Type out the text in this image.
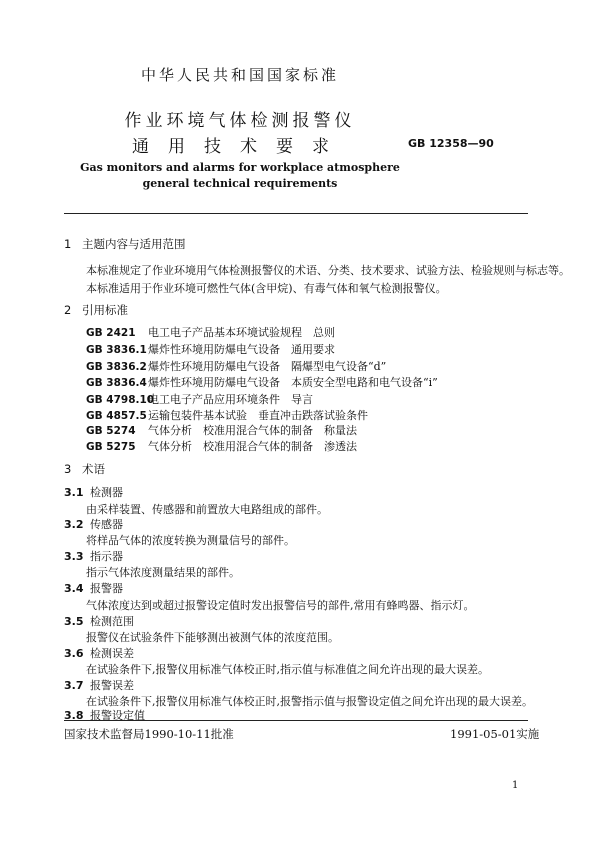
中华人民共和国国家标准
作业环境气体检测报警仪
通用技术要求	GB 12358—90
Gas monitors and alarms for workplace atmosphere
general technical requirements
1 主题内容与适用范围
本标准规定了作业环境用气体检测报警仪的术语、分类、技术要求、试验方法、检验规则与标志等。
本标准适用于作业环境可燃性气体(含甲烷)、有毒气体和氧气检测报警仪。
2 引用标准
GB 2421 电工电子产品基本环境试验规程　总则
GB 3836.1爆炸性环境用防爆电气设备　通用要求
GB 3836.2爆炸性环境用防爆电气设备　隔爆型电气设备“d”
GB 3836.4爆炸性环境用防爆电气设备　本质安全型电路和电气设备“i”
GB 4798.10电工电子产品应用环境条件　导言
GB 4857.5运输包装件基本试验　垂直冲击跌落试验条件
GB 5274 气体分析　校准用混合气体的制备　称量法
GB 5275 气体分析　校准用混合气体的制备　渗透法
3 术语
3.1 检测器
由采样装置、传感器和前置放大电路组成的部件。
3.2 传感器
将样品气体的浓度转换为测量信号的部件。
3.3 指示器
指示气体浓度测量结果的部件。
3.4 报警器
气体浓度达到或超过报警设定值时发出报警信号的部件,常用有蜂鸣器、指示灯。
3.5 检测范围
报警仪在试验条件下能够测出被测气体的浓度范围。
3.6 检测误差
在试验条件下,报警仪用标准气体校正时,指示值与标准值之间允许出现的最大误差。
3.7 报警误差
在试验条件下,报警仪用标准气体校正时,报警指示值与报警设定值之间允许出现的最大误差。
3.8 报警设定值
国家技术监督局1990-10-11批准	1991-05-01实施
1
